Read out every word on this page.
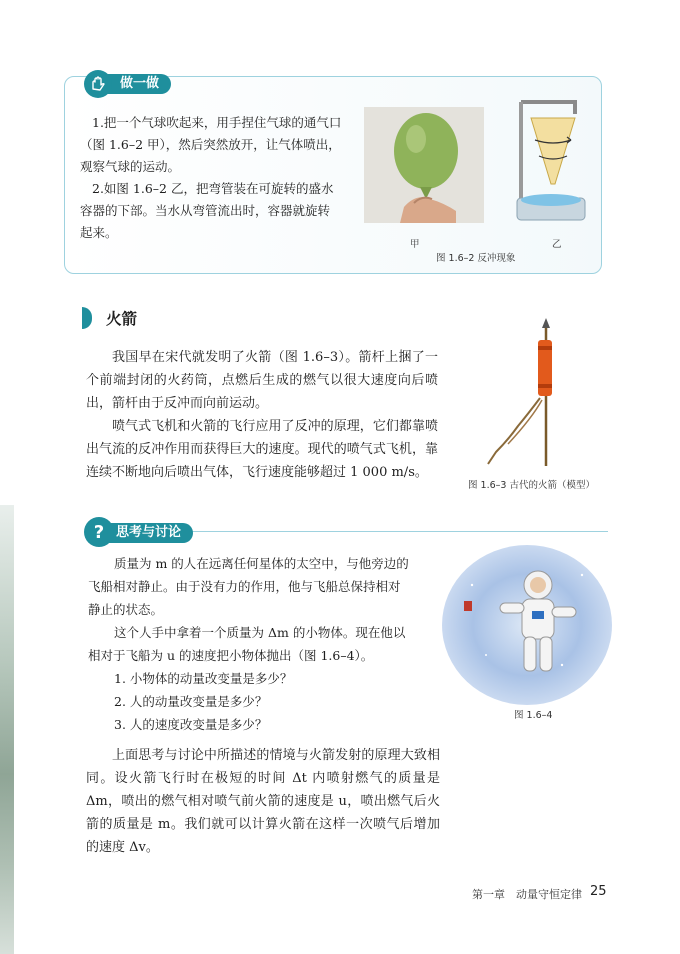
做一做

1.把一个气球吹起来，用手捏住气球的通气口（图 1.6–2 甲），然后突然放开，让气体喷出，观察气球的运动。

2.如图 1.6–2 乙，把弯管装在可旋转的盛水容器的下部。当水从弯管流出时，容器就旋转起来。

甲	乙
图 1.6–2 反冲现象
火箭

我国早在宋代就发明了火箭（图 1.6–3）。箭杆上捆了一个前端封闭的火药筒，点燃后生成的燃气以很大速度向后喷出，箭杆由于反冲而向前运动。

喷气式飞机和火箭的飞行应用了反冲的原理，它们都靠喷出气流的反冲作用而获得巨大的速度。现代的喷气式飞机，靠连续不断地向后喷出气体，飞行速度能够超过 1 000 m/s。

图 1.6–3 古代的火箭（模型）
思考与讨论
?

质量为 m 的人在远离任何星体的太空中，与他旁边的飞船相对静止。由于没有力的作用，他与飞船总保持相对静止的状态。

这个人手中拿着一个质量为 Δm 的小物体。现在他以相对于飞船为 u 的速度把小物体抛出（图 1.6–4）。

1. 小物体的动量改变量是多少？

2. 人的动量改变量是多少？

3. 人的速度改变量是多少？

图 1.6–4

上面思考与讨论中所描述的情境与火箭发射的原理大致相同。设火箭飞行时在极短的时间 Δt 内喷射燃气的质量是 Δm，喷出的燃气相对喷气前火箭的速度是 u，喷出燃气后火箭的质量是 m。我们就可以计算火箭在这样一次喷气后增加的速度 Δv。

第一章　动量守恒定律 25
